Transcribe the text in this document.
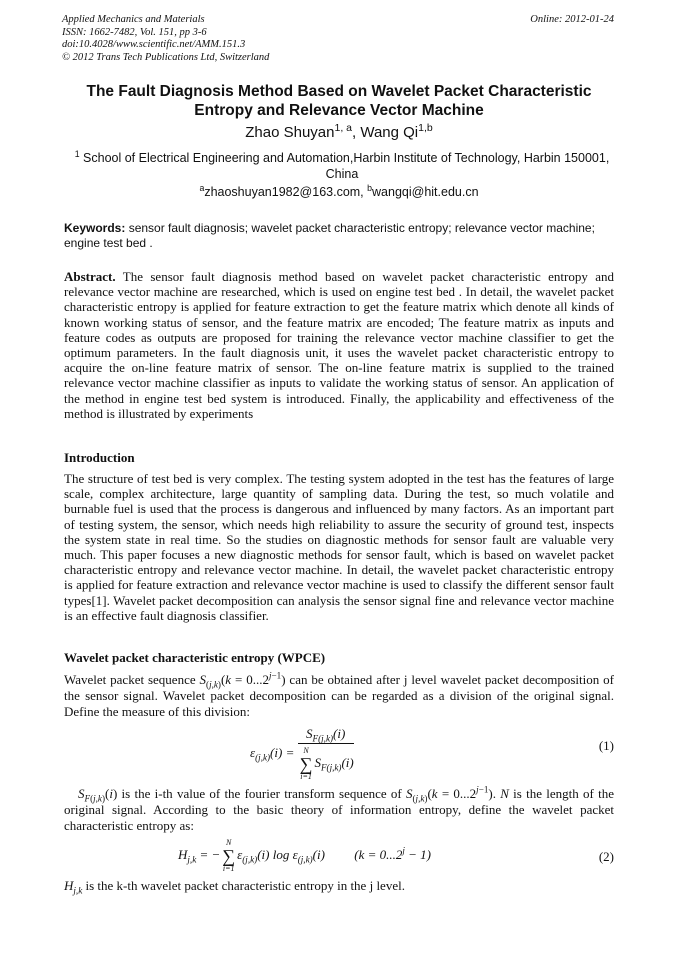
Applied Mechanics and Materials
ISSN: 1662-7482, Vol. 151, pp 3-6
doi:10.4028/www.scientific.net/AMM.151.3
© 2012 Trans Tech Publications Ltd, Switzerland
Online: 2012-01-24
The Fault Diagnosis Method Based on Wavelet Packet Characteristic
Entropy and Relevance Vector Machine
Zhao Shuyan$^{1, a}$, Wang Qi$^{1,b}$
$^1$ School of Electrical Engineering and Automation,Harbin Institute of Technology, Harbin 150001, China
$^a$zhaoshuyan1982@163.com, $^b$wangqi@hit.edu.cn
Keywords: sensor fault diagnosis; wavelet packet characteristic entropy; relevance vector machine; engine test bed .
Abstract. The sensor fault diagnosis method based on wavelet packet characteristic entropy and relevance vector machine are researched, which is used on engine test bed . In detail, the wavelet packet characteristic entropy is applied for feature extraction to get the feature matrix which denote all kinds of known working status of sensor, and the feature matrix are encoded; The feature matrix as inputs and feature codes as outputs are proposed for training the relevance vector machine classifier to get the optimum parameters. In the fault diagnosis unit, it uses the wavelet packet characteristic entropy to acquire the on-line feature matrix of sensor. The on-line feature matrix is supplied to the trained relevance vector machine classifier as inputs to validate the working status of sensor. An application of the method in engine test bed system is introduced. Finally, the applicability and effectiveness of the method is illustrated by experiments
Introduction
The structure of test bed is very complex. The testing system adopted in the test has the features of large scale, complex architecture, large quantity of sampling data. During the test, so much volatile and burnable fuel is used that the process is dangerous and influenced by many factors. As an important part of testing system, the sensor, which needs high reliability to assure the security of ground test, inspects the system state in real time. So the studies on diagnostic methods for sensor fault are valuable very much. This paper focuses a new diagnostic methods for sensor fault, which is based on wavelet packet characteristic entropy and relevance vector machine. In detail, the wavelet packet characteristic entropy is applied for feature extraction and relevance vector machine is used to classify the different sensor fault types[1]. Wavelet packet decomposition can analysis the sensor signal fine and relevance vector machine is an effective fault diagnosis classifier.
Wavelet packet characteristic entropy (WPCE)
Wavelet packet sequence $S_{(j,k)}(k = 0...2^{j-1})$ can be obtained after j level wavelet packet decomposition of the sensor signal. Wavelet packet decomposition can be regarded as a division of the original signal. Define the measure of this division:
$\varepsilon_{(j,k)}(i) = S_{F(j,k)}(i)$
N
∑
i=1
$S_{F(j,k)}(i)$	(1)
$S_{F(j,k)}(i)$ is the i-th value of the fourier transform sequence of $S_{(j,k)}(k = 0...2^{j-1})$. N is the length of the original signal. According to the basic theory of information entropy, define the wavelet packet characteristic entropy as:
$H_{j,k}$ = −
N
∑
i=1
$\varepsilon_{(j,k)}(i)$ $\log \varepsilon_{(j,k)}(i) (k = 0...2^j - 1)$	(2)
$H_{j,k}$ is the k-th wavelet packet characteristic entropy in the j level.
